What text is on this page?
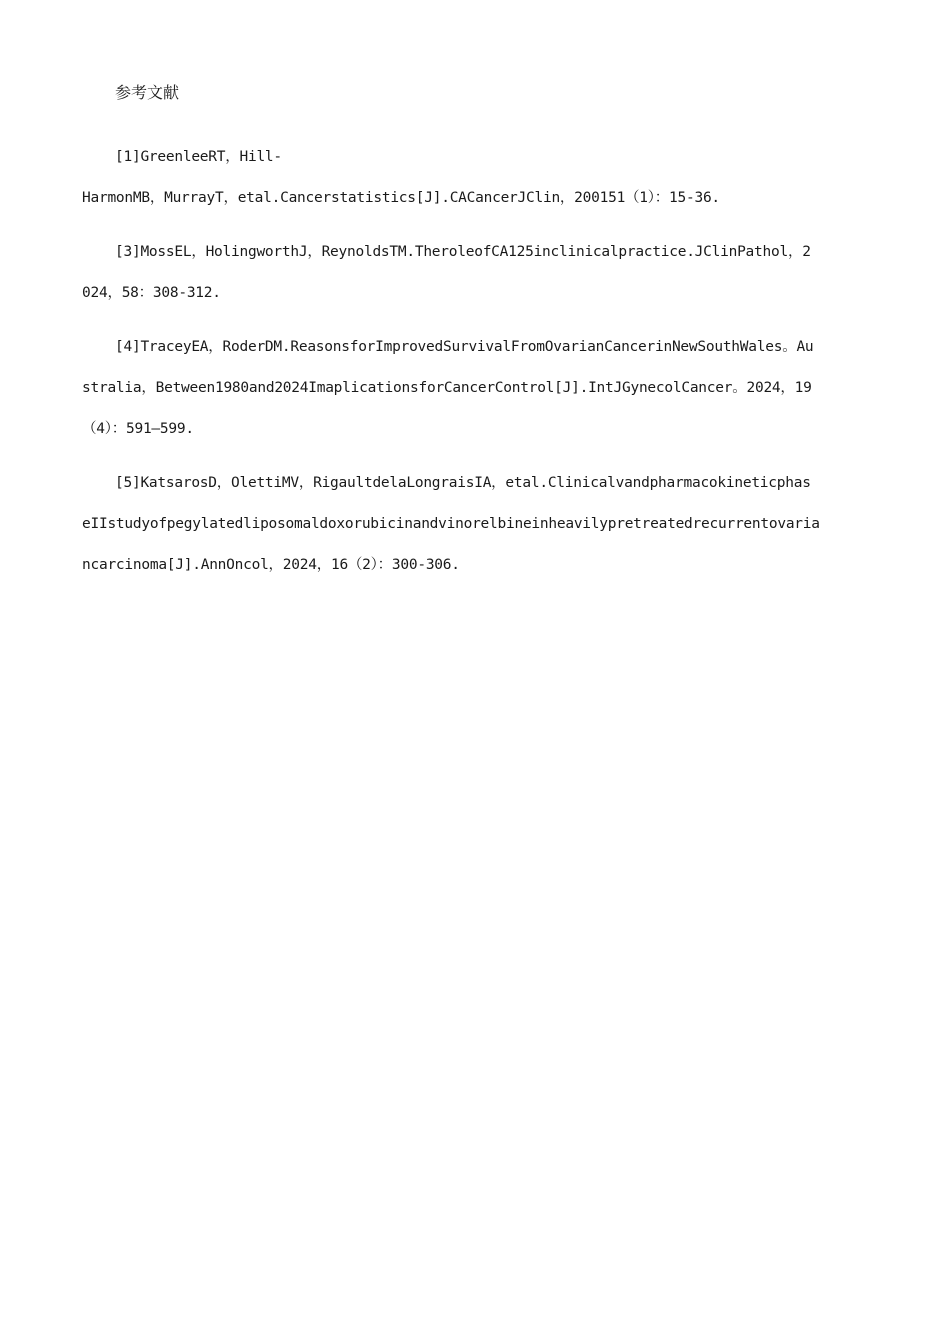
参考文献
[1]GreenleeRT，Hill-
HarmonMB，MurrayT，etal.Cancerstatistics[J].CACancerJClin，200151（1）：15-36.
[3]MossEL，HolingworthJ，ReynoldsTM.TheroleofCA125inclinicalpractice.JClinPathol，2
024，58：308-312.
[4]TraceyEA，RoderDM.ReasonsforImprovedSurvivalFromOvarianCancerinNewSouthWales。Au
stralia，Between1980and2024ImaplicationsforCancerControl[J].IntJGynecolCancer。2024，19
（4）：591—599.
[5]KatsarosD，OlettiMV，RigaultdelaLongraisIA，etal.Clinicalvandpharmacokineticphas
eIIstudyofpegylatedliposomaldoxorubicinandvinorelbineinheavilypretreatedrecurrentovaria
ncarcinoma[J].AnnOncol，2024，16（2）：300-306.
